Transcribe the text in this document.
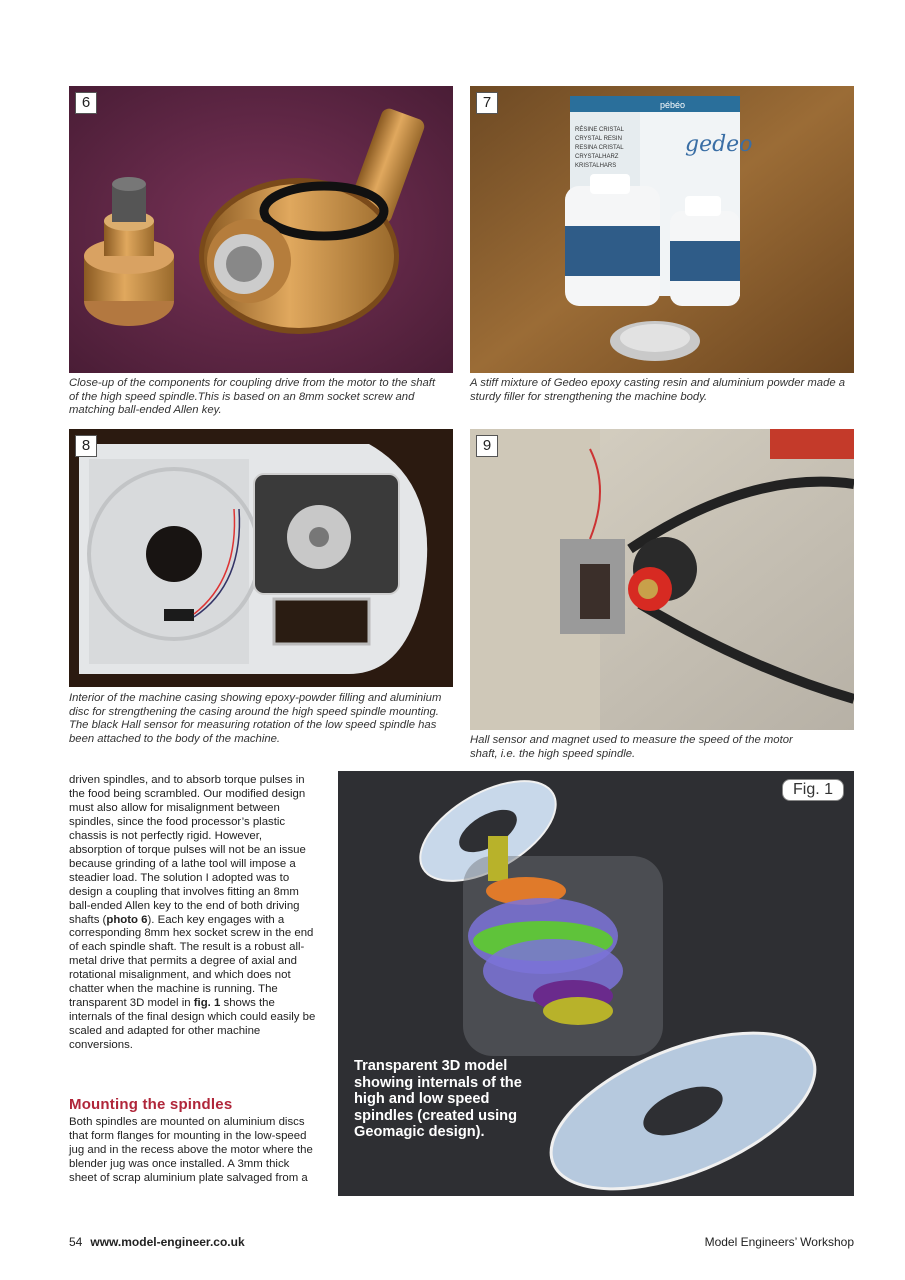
6
gedeo
pébéo
RÉSINE CRISTAL
CRYSTAL RESIN
RESINA CRISTAL
CRYSTALHARZ
KRISTALHARS
7
Close-up of the components for coupling drive from the motor to the shaft of the high speed spindle.This is based on an 8mm socket screw and matching ball-ended Allen key.
A stiff mixture of Gedeo epoxy casting resin and aluminium powder made a sturdy filler for strengthening the machine body.
8	9
Interior of the machine casing showing epoxy-powder filling and aluminium disc for strengthening the casing around the high speed spindle mounting. The black Hall sensor for measuring rotation of the low speed spindle has been attached to the body of the machine.	Hall sensor and magnet used to measure the speed of the motor shaft, i.e. the high speed spindle.

driven spindles, and to absorb torque pulses in the food being scrambled. Our modified design must also allow for misalignment between spindles, since the food processor’s plastic chassis is not perfectly rigid. However, absorption of torque pulses will not be an issue because grinding of a lathe tool will impose a steadier load. The solution I adopted was to design a coupling that involves fitting an 8mm ball-ended Allen key to the end of both driving shafts (photo 6). Each key engages with a corresponding 8mm hex socket screw in the end of each spindle shaft. The result is a robust all-metal drive that permits a degree of axial and rotational misalignment, and which does not chatter when the machine is running. The transparent 3D model in fig. 1 shows the internals of the final design which could easily be scaled and adapted for other machine conversions.

Mounting the spindles
Both spindles are mounted on aluminium discs that form flanges for mounting in the low-speed jug and in the recess above the motor where the blender jug was once installed. A 3mm thick sheet of scrap aluminium plate salvaged from a
Fig. 1
Transparent 3D model showing internals of the high and low speed spindles (created using Geomagic design).
54 www.model-engineer.co.uk	Model Engineers’ Workshop
